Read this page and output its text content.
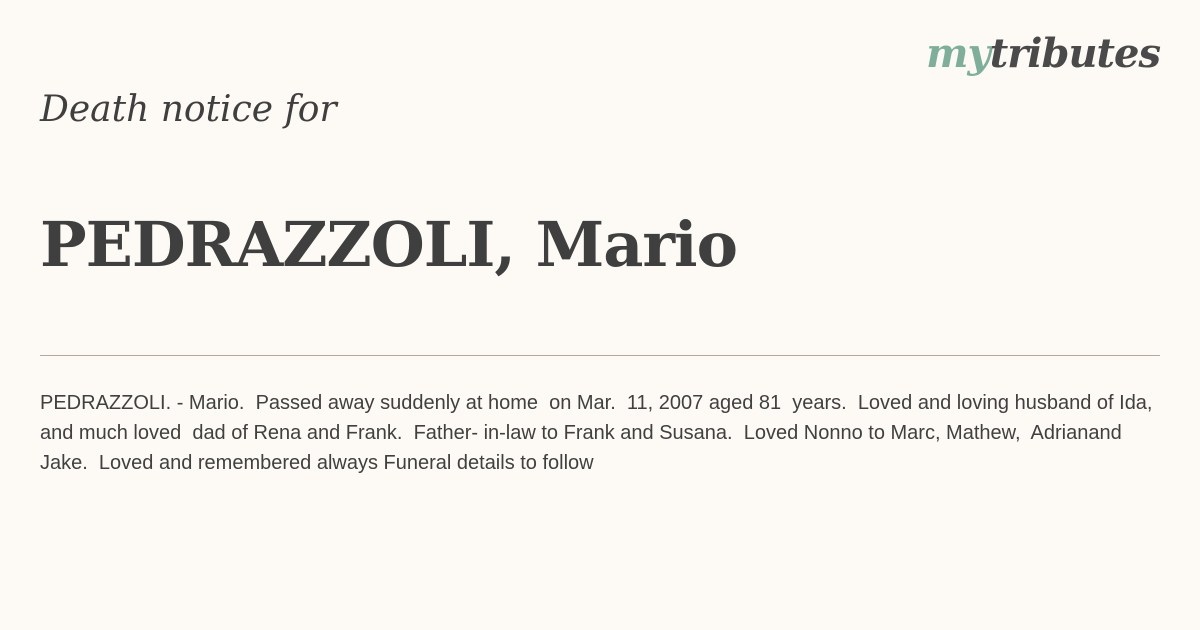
mytributes
Death notice for
PEDRAZZOLI, Mario

PEDRAZZOLI. - Mario.  Passed away suddenly at home  on Mar.  11, 2007 aged 81  years.  Loved and loving husband of Ida, and much loved  dad of Rena and Frank.  Father- in-law to Frank and Susana.  Loved Nonno to Marc, Mathew,  Adrianand Jake.  Loved and remembered always Funeral details to follow
